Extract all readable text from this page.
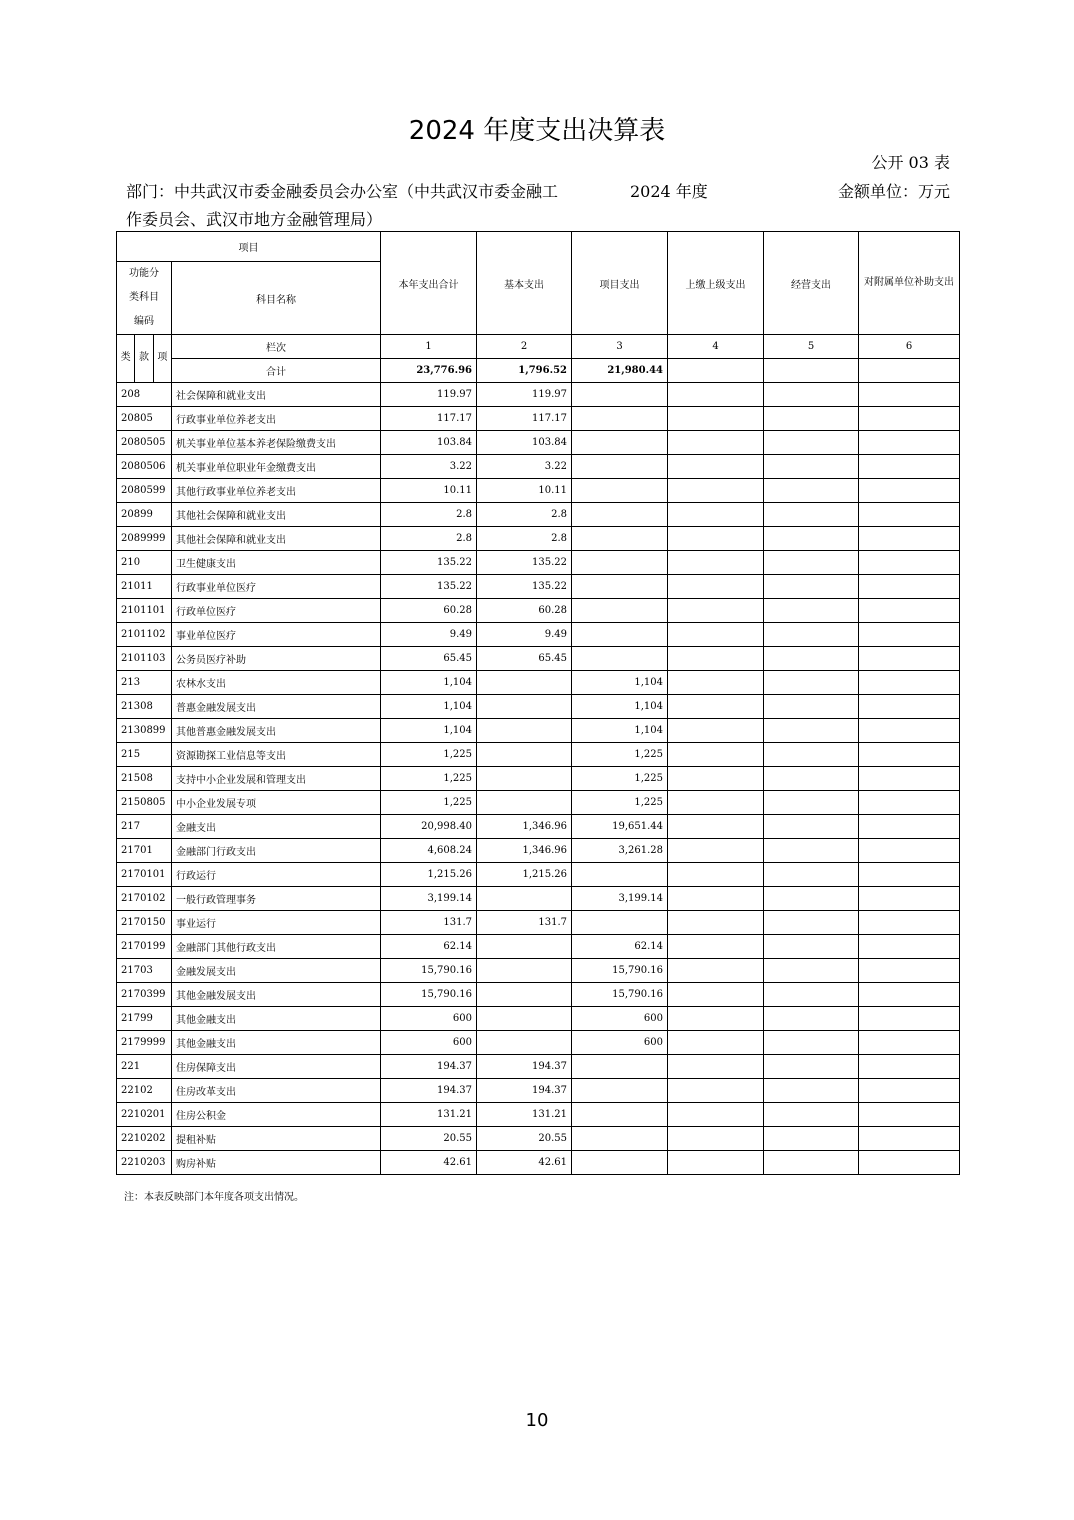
2024 年度支出决算表
公开 03 表
部门：中共武汉市委金融委员会办公室（中共武汉市委金融工作委员会、武汉市地方金融管理局）
2024 年度	金额单位：万元
项目		本年支出合计	基本支出	项目支出	上缴上级支出	经营支出	对附属单位补助支出
功能分类科目编码	科目名称						

类 款 项	栏次	1	2	3	4	5	6
	合计	23,776.96	1,796.52	21,980.44			
208	社会保障和就业支出	119.97	119.97				
20805	行政事业单位养老支出	117.17	117.17				
2080505	机关事业单位基本养老保险缴费支出	103.84	103.84				
2080506	机关事业单位职业年金缴费支出	3.22	3.22				
2080599	其他行政事业单位养老支出	10.11	10.11				
20899	其他社会保障和就业支出	2.8	2.8				
2089999	其他社会保障和就业支出	2.8	2.8				
210	卫生健康支出	135.22	135.22				
21011	行政事业单位医疗	135.22	135.22				
2101101	行政单位医疗	60.28	60.28				
2101102	事业单位医疗	9.49	9.49				
2101103	公务员医疗补助	65.45	65.45				
213	农林水支出	1,104		1,104			
21308	普惠金融发展支出	1,104		1,104			
2130899	其他普惠金融发展支出	1,104		1,104			
215	资源勘探工业信息等支出	1,225		1,225			
21508	支持中小企业发展和管理支出	1,225		1,225			
2150805	中小企业发展专项	1,225		1,225			
217	金融支出	20,998.40	1,346.96	19,651.44			
21701	金融部门行政支出	4,608.24	1,346.96	3,261.28			
2170101	行政运行	1,215.26	1,215.26				
2170102	一般行政管理事务	3,199.14		3,199.14			
2170150	事业运行	131.7	131.7				
2170199	金融部门其他行政支出	62.14		62.14			
21703	金融发展支出	15,790.16		15,790.16			
2170399	其他金融发展支出	15,790.16		15,790.16			
21799	其他金融支出	600		600			
2179999	其他金融支出	600		600			
221	住房保障支出	194.37	194.37				
22102	住房改革支出	194.37	194.37				
2210201	住房公积金	131.21	131.21				
2210202	提租补贴	20.55	20.55				
2210203	购房补贴	42.61	42.61				
注：本表反映部门本年度各项支出情况。
10
